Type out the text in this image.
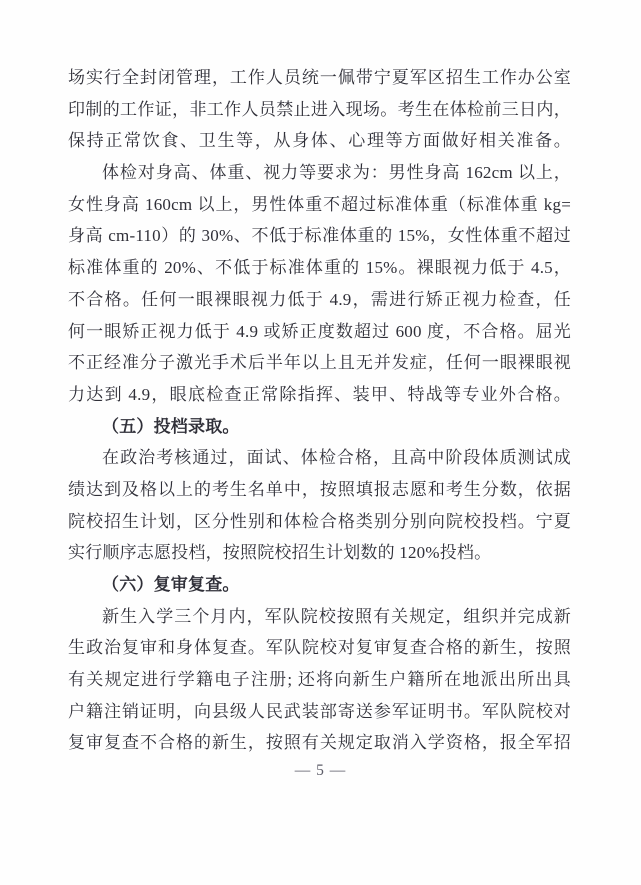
场实行全封闭管理，工作人员统一佩带宁夏军区招生工作办公室
印制的工作证，非工作人员禁止进入现场。考生在体检前三日内，
保持正常饮食、卫生等，从身体、心理等方面做好相关准备。
体检对身高、体重、视力等要求为：男性身高 162cm 以上，
女性身高 160cm 以上，男性体重不超过标准体重（标准体重 kg=
身高 cm-110）的 30%、不低于标准体重的 15%，女性体重不超过
标准体重的 20%、不低于标准体重的 15%。裸眼视力低于 4.5，
不合格。任何一眼裸眼视力低于 4.9，需进行矫正视力检查，任
何一眼矫正视力低于 4.9 或矫正度数超过 600 度，不合格。屈光
不正经准分子激光手术后半年以上且无并发症，任何一眼裸眼视
力达到 4.9，眼底检查正常除指挥、装甲、特战等专业外合格。
（五）投档录取。
在政治考核通过，面试、体检合格，且高中阶段体质测试成
绩达到及格以上的考生名单中，按照填报志愿和考生分数，依据
院校招生计划，区分性别和体检合格类别分别向院校投档。宁夏
实行顺序志愿投档，按照院校招生计划数的 120%投档。
（六）复审复查。
新生入学三个月内，军队院校按照有关规定，组织并完成新
生政治复审和身体复查。军队院校对复审复查合格的新生，按照
有关规定进行学籍电子注册; 还将向新生户籍所在地派出所出具
户籍注销证明，向县级人民武装部寄送参军证明书。军队院校对
复审复查不合格的新生，按照有关规定取消入学资格，报全军招
— 5 —
